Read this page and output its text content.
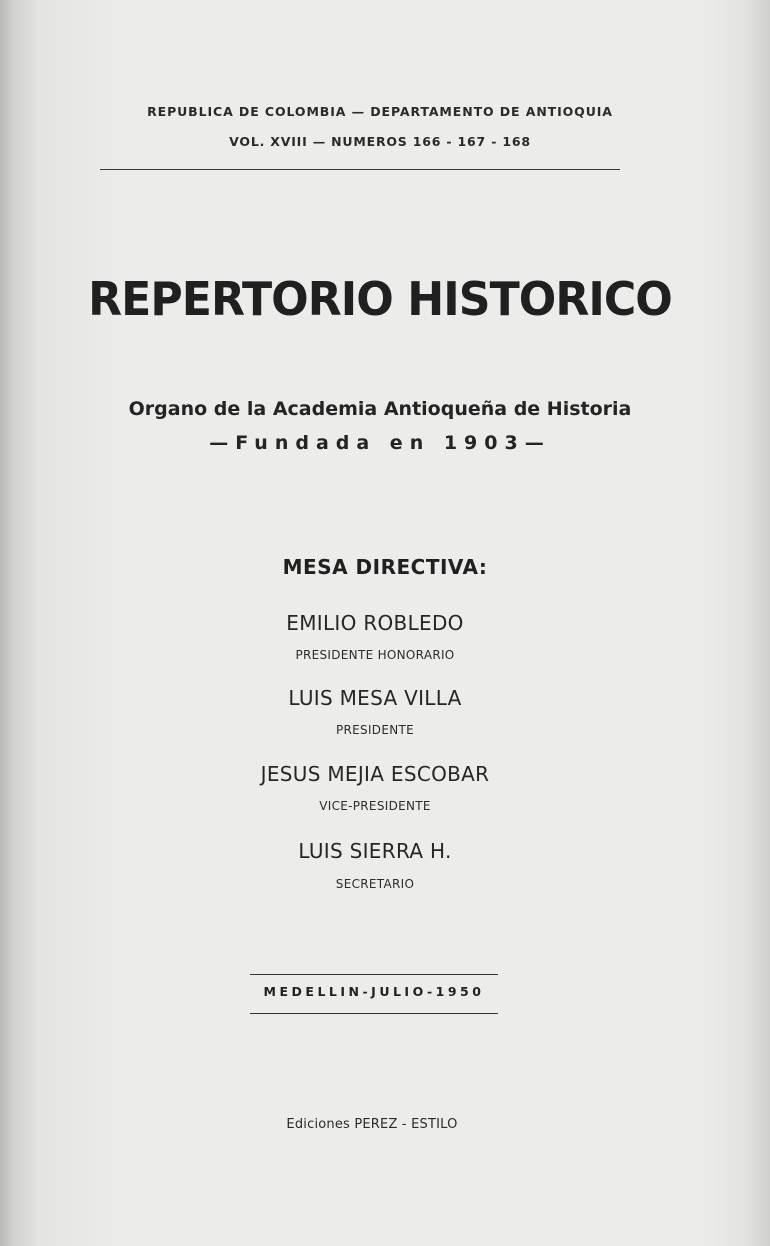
REPUBLICA DE COLOMBIA — DEPARTAMENTO DE ANTIOQUIA
VOL. XVIII — NUMEROS 166 - 167 - 168
REPERTORIO HISTORICO
Organo de la Academia Antioqueña de Historia
—Fundada en 1903—
MESA DIRECTIVA:
EMILIO ROBLEDO
PRESIDENTE HONORARIO
LUIS MESA VILLA
PRESIDENTE
JESUS MEJIA ESCOBAR
VICE-PRESIDENTE
LUIS SIERRA H.
SECRETARIO
MEDELLIN-JULIO-1950
Ediciones PEREZ - ESTILO
